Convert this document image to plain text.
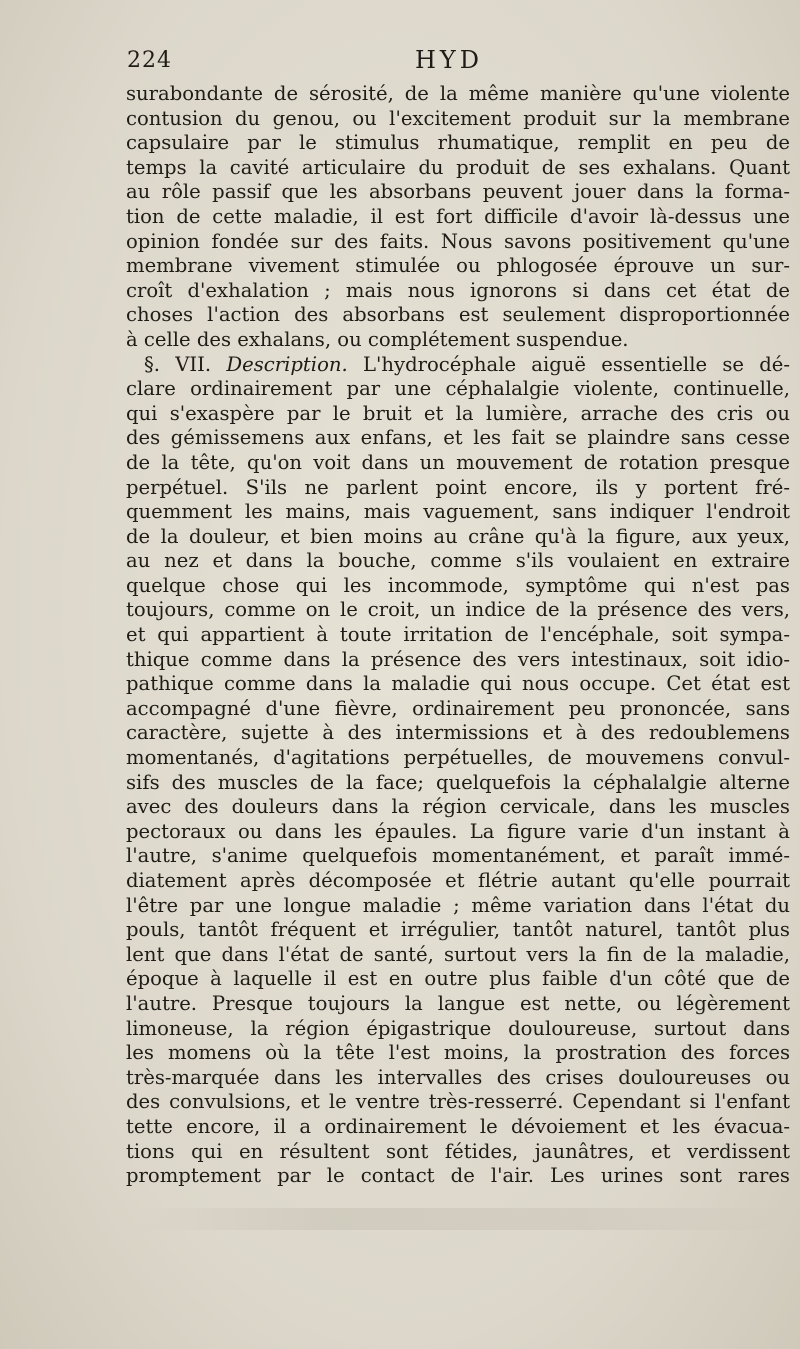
224	HYD
surabondante de sérosité, de la même manière qu'une violente
contusion du genou, ou l'excitement produit sur la membrane
capsulaire par le stimulus rhumatique, remplit en peu de
temps la cavité articulaire du produit de ses exhalans. Quant
au rôle passif que les absorbans peuvent jouer dans la forma-
tion de cette maladie, il est fort difficile d'avoir là-dessus une
opinion fondée sur des faits. Nous savons positivement qu'une
membrane vivement stimulée ou phlogosée éprouve un sur-
croît d'exhalation ; mais nous ignorons si dans cet état de
choses l'action des absorbans est seulement disproportionnée
à celle des exhalans, ou complétement suspendue.
§. VII. Description. L'hydrocéphale aiguë essentielle se dé-
clare ordinairement par une céphalalgie violente, continuelle,
qui s'exaspère par le bruit et la lumière, arrache des cris ou
des gémissemens aux enfans, et les fait se plaindre sans cesse
de la tête, qu'on voit dans un mouvement de rotation presque
perpétuel. S'ils ne parlent point encore, ils y portent fré-
quemment les mains, mais vaguement, sans indiquer l'endroit
de la douleur, et bien moins au crâne qu'à la figure, aux yeux,
au nez et dans la bouche, comme s'ils voulaient en extraire
quelque chose qui les incommode, symptôme qui n'est pas
toujours, comme on le croit, un indice de la présence des vers,
et qui appartient à toute irritation de l'encéphale, soit sympa-
thique comme dans la présence des vers intestinaux, soit idio-
pathique comme dans la maladie qui nous occupe. Cet état est
accompagné d'une fièvre, ordinairement peu prononcée, sans
caractère, sujette à des intermissions et à des redoublemens
momentanés, d'agitations perpétuelles, de mouvemens convul-
sifs des muscles de la face; quelquefois la céphalalgie alterne
avec des douleurs dans la région cervicale, dans les muscles
pectoraux ou dans les épaules. La figure varie d'un instant à
l'autre, s'anime quelquefois momentanément, et paraît immé-
diatement après décomposée et flétrie autant qu'elle pourrait
l'être par une longue maladie ; même variation dans l'état du
pouls, tantôt fréquent et irrégulier, tantôt naturel, tantôt plus
lent que dans l'état de santé, surtout vers la fin de la maladie,
époque à laquelle il est en outre plus faible d'un côté que de
l'autre. Presque toujours la langue est nette, ou légèrement
limoneuse, la région épigastrique douloureuse, surtout dans
les momens où la tête l'est moins, la prostration des forces
très-marquée dans les intervalles des crises douloureuses ou
des convulsions, et le ventre très-resserré. Cependant si l'enfant
tette encore, il a ordinairement le dévoiement et les évacua-
tions qui en résultent sont fétides, jaunâtres, et verdissent
promptement par le contact de l'air. Les urines sont rares
